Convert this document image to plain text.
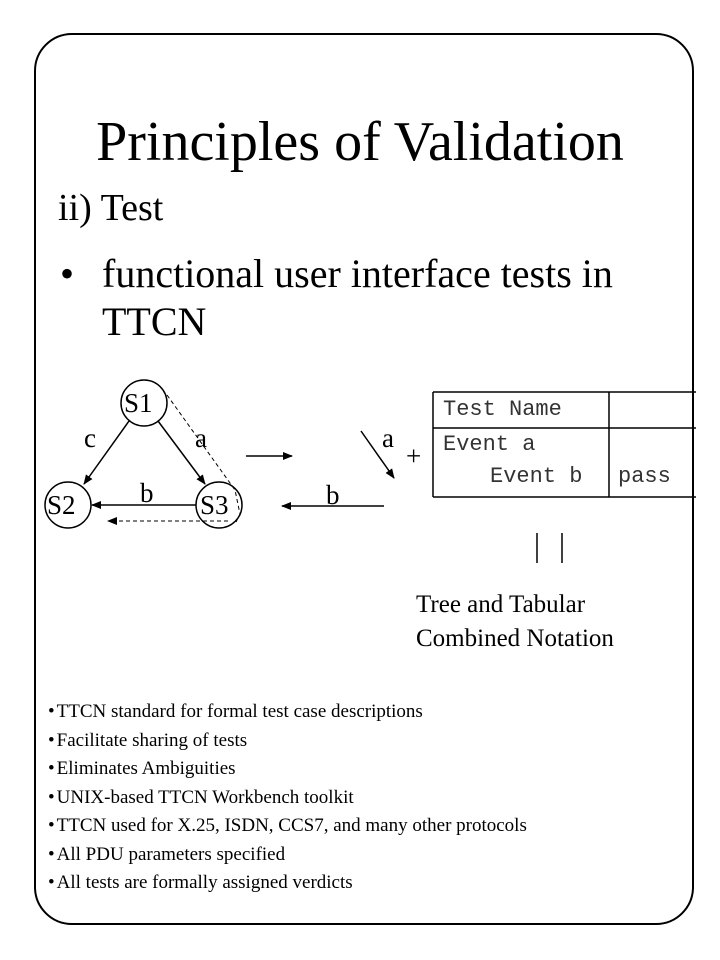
Principles of Validation
ii) Test
• functional user interface tests in
TTCN
S1
S2	S3
c	a
b
a
b
+
Test Name
Event a
Event b pass
Tree and Tabular
Combined Notation
• TTCN standard for formal test case descriptions
• Facilitate sharing of tests
• Eliminates Ambiguities
• UNIX-based TTCN Workbench toolkit
• TTCN used for X.25, ISDN, CCS7, and many other protocols
• All PDU parameters specified
• All tests are formally assigned verdicts
